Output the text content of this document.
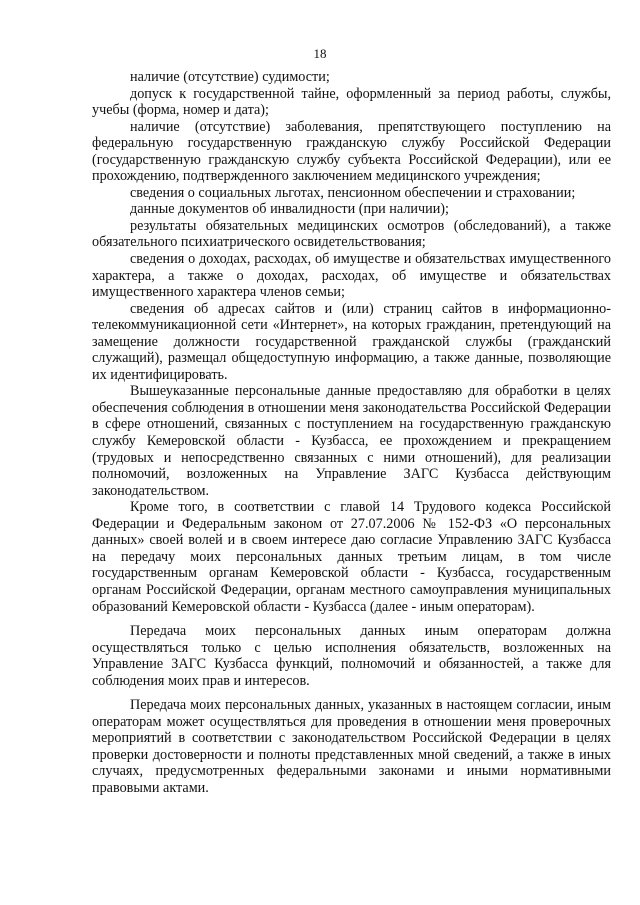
18

наличие (отсутствие) судимости;

допуск к государственной тайне, оформленный за период работы, службы, учебы (форма, номер и дата);

наличие (отсутствие) заболевания, препятствующего поступлению на федеральную государственную гражданскую службу Российской Федерации (государственную гражданскую службу субъекта Российской Федерации), или ее прохождению, подтвержденного заключением медицинского учреждения;

сведения о социальных льготах, пенсионном обеспечении и страховании;

данные документов об инвалидности (при наличии);

результаты обязательных медицинских осмотров (обследований), а также обязательного психиатрического освидетельствования;

сведения о доходах, расходах, об имуществе и обязательствах имущественного характера, а также о доходах, расходах, об имуществе и обязательствах имущественного характера членов семьи;

сведения об адресах сайтов и (или) страниц сайтов в информационно-телекоммуникационной сети «Интернет», на которых гражданин, претендующий на замещение должности государственной гражданской службы (гражданский служащий), размещал общедоступную информацию, а также данные, позволяющие их идентифицировать.

Вышеуказанные персональные данные предоставляю для обработки в целях обеспечения соблюдения в отношении меня законодательства Российской Федерации в сфере отношений, связанных с поступлением на государственную гражданскую службу Кемеровской области - Кузбасса, ее прохождением и прекращением (трудовых и непосредственно связанных с ними отношений), для реализации полномочий, возложенных на Управление ЗАГС Кузбасса действующим законодательством.

Кроме того, в соответствии с главой 14 Трудового кодекса Российской Федерации и Федеральным законом от 27.07.2006 № 152-ФЗ «О персональных данных» своей волей и в своем интересе даю согласие Управлению ЗАГС Кузбасса на передачу моих персональных данных третьим лицам, в том числе государственным органам Кемеровской области - Кузбасса, государственным органам Российской Федерации, органам местного самоуправления муниципальных образований Кемеровской области - Кузбасса (далее - иным операторам).

Передача моих персональных данных иным операторам должна осуществляться только с целью исполнения обязательств, возложенных на Управление ЗАГС Кузбасса функций, полномочий и обязанностей, а также для соблюдения моих прав и интересов.

Передача моих персональных данных, указанных в настоящем согласии, иным операторам может осуществляться для проведения в отношении меня проверочных мероприятий в соответствии с законодательством Российской Федерации в целях проверки достоверности и полноты представленных мной сведений, а также в иных случаях, предусмотренных федеральными законами и иными нормативными правовыми актами.
